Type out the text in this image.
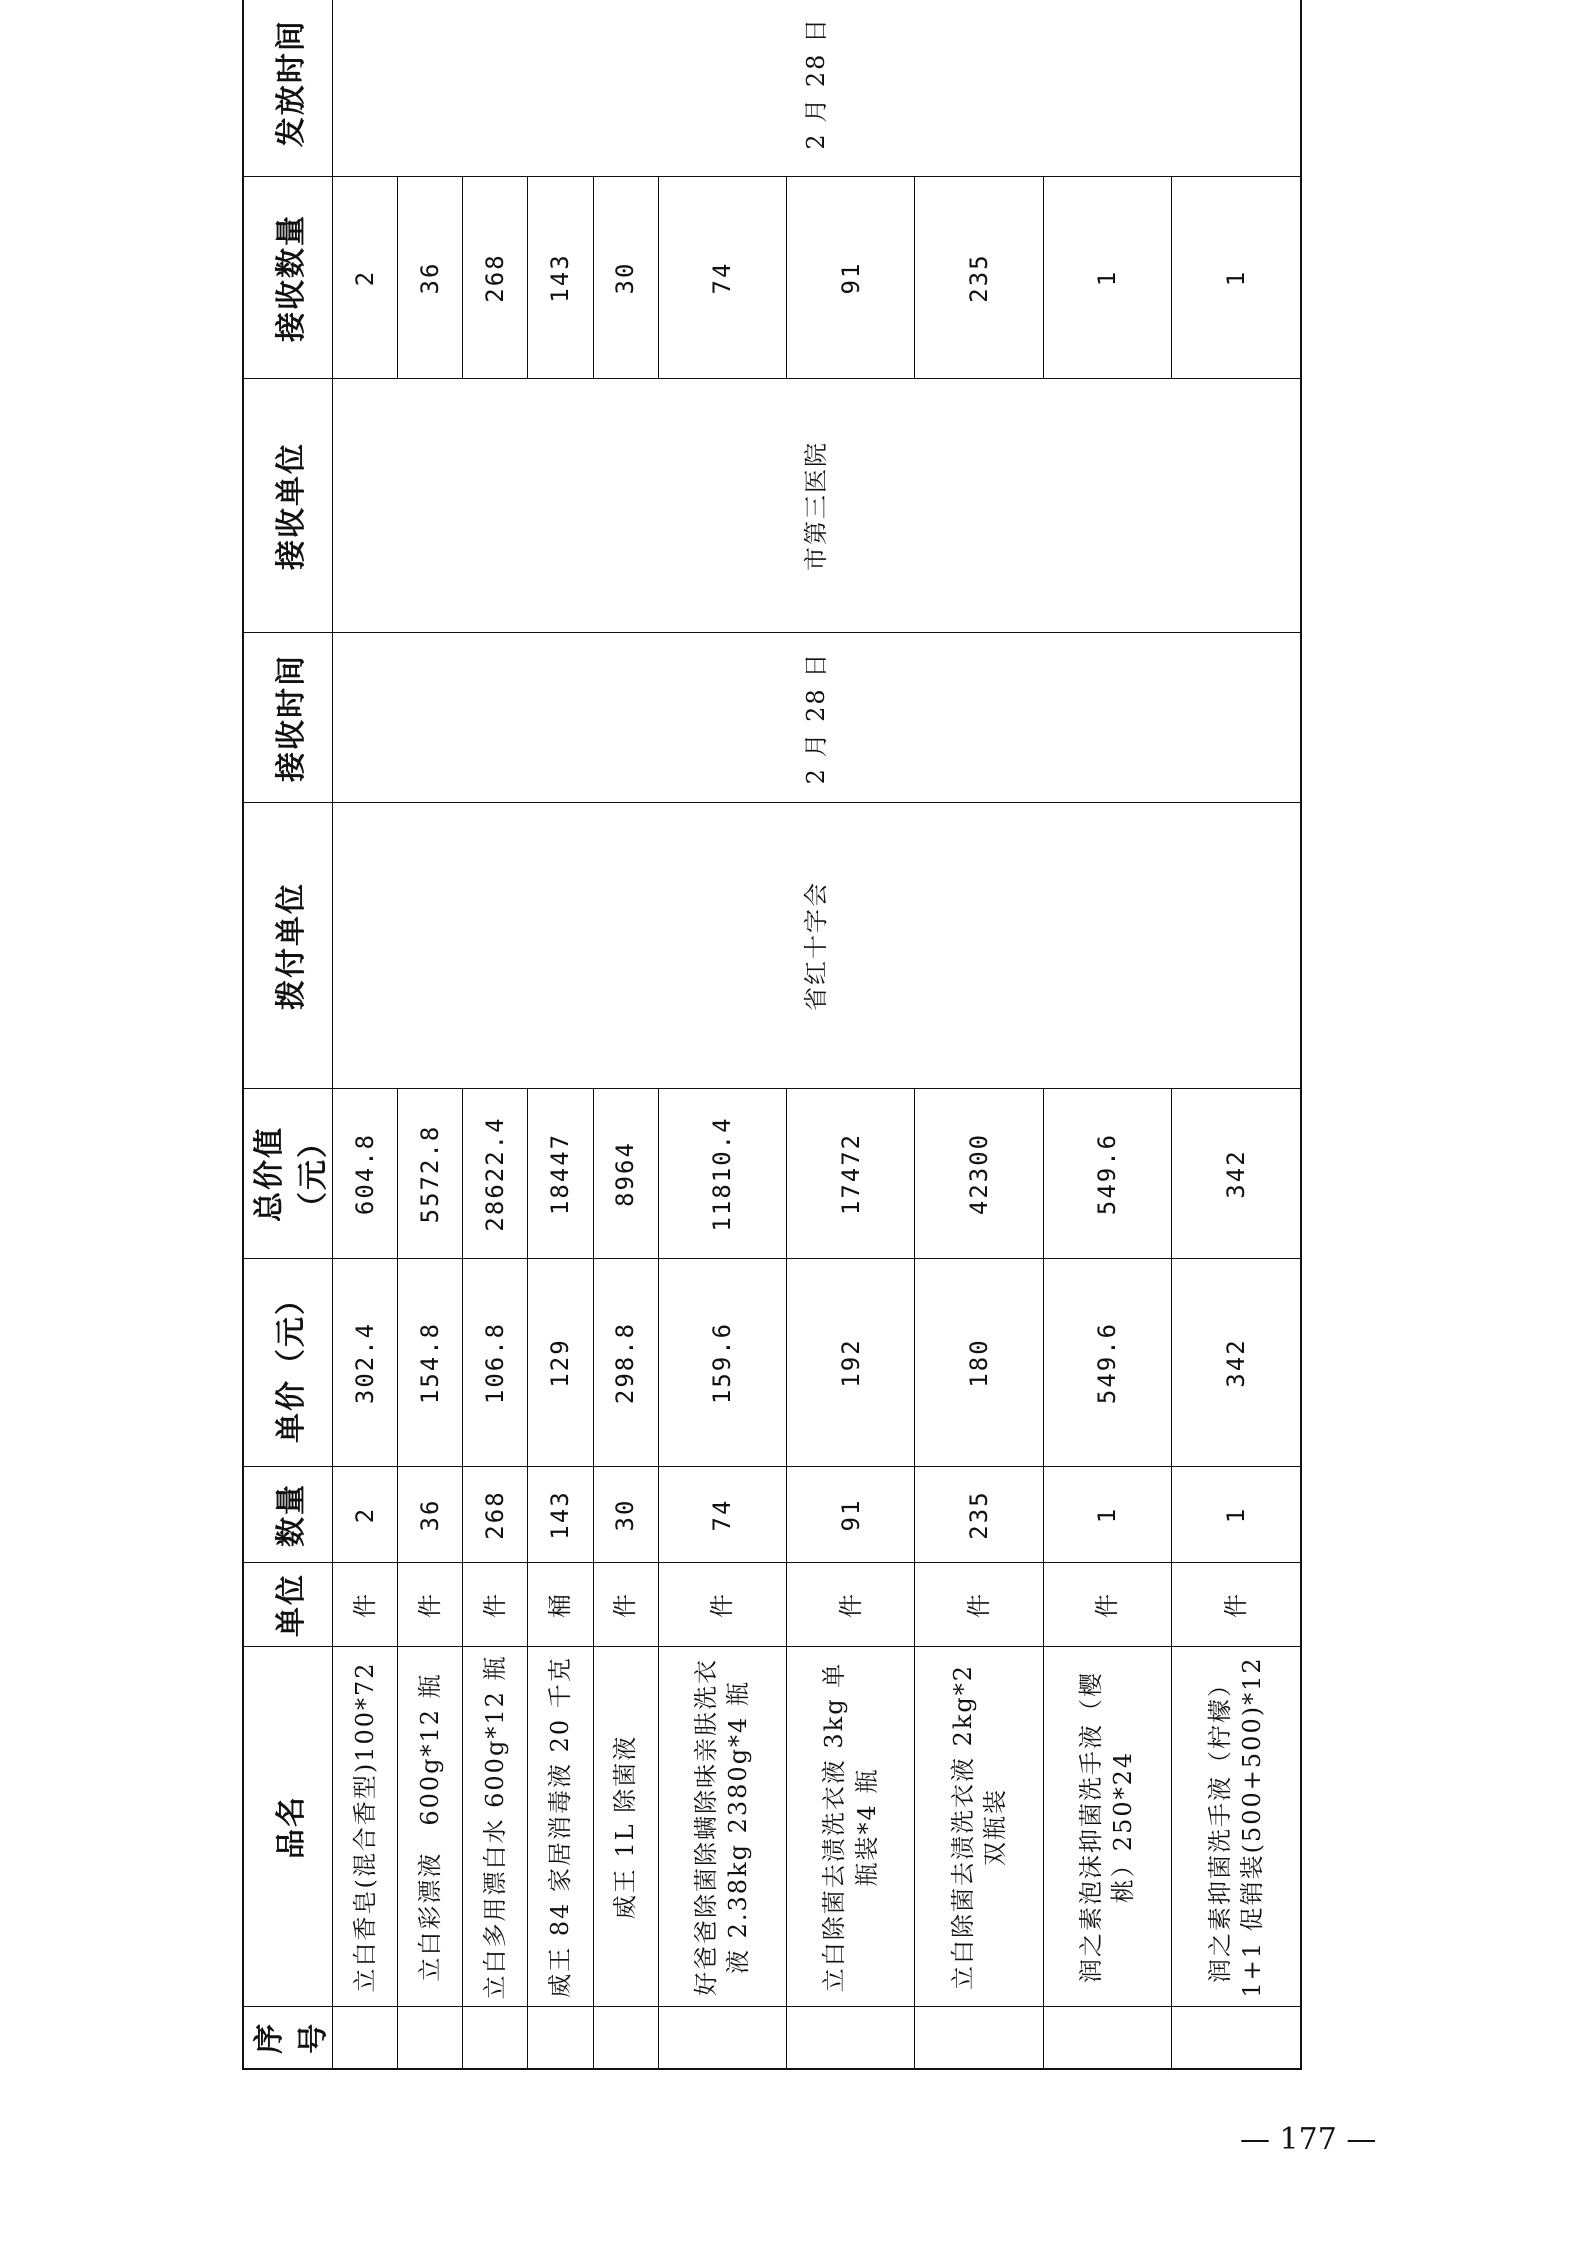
序号	品名	单位	数量	单价（元）	总价值（元）	拨付单位	接收时间	接收单位	接收数量	发放时间
	立白香皂(混合香型)100*72	件	2	302.4	604.8	省红十字会	2 月 28 日	市第三医院	2	2 月 28 日
	立白彩漂液　600g*12 瓶	件	36	154.8	5572.8				36	
	立白多用漂白水 600g*12 瓶	件	268	106.8	28622.4				268	
	威王 84 家居消毒液 20 千克	桶	143	129	18447				143	
	威王 1L 除菌液	件	30	298.8	8964				30	
	好爸爸除菌除螨除味亲肤洗衣液 2.38kg 2380g*4 瓶	件	74	159.6	11810.4				74	
	立白除菌去渍洗衣液 3kg 单瓶装*4 瓶	件	91	192	17472				91	
	立白除菌去渍洗衣液 2kg*2 双瓶装	件	235	180	42300				235	
	润之素泡沫抑菌洗手液（樱桃）250*24	件	1	549.6	549.6				1	
	润之素抑菌洗手液（柠檬）1+1 促销装(500+500)*12	件	1	342	342				1	
— 177 —
